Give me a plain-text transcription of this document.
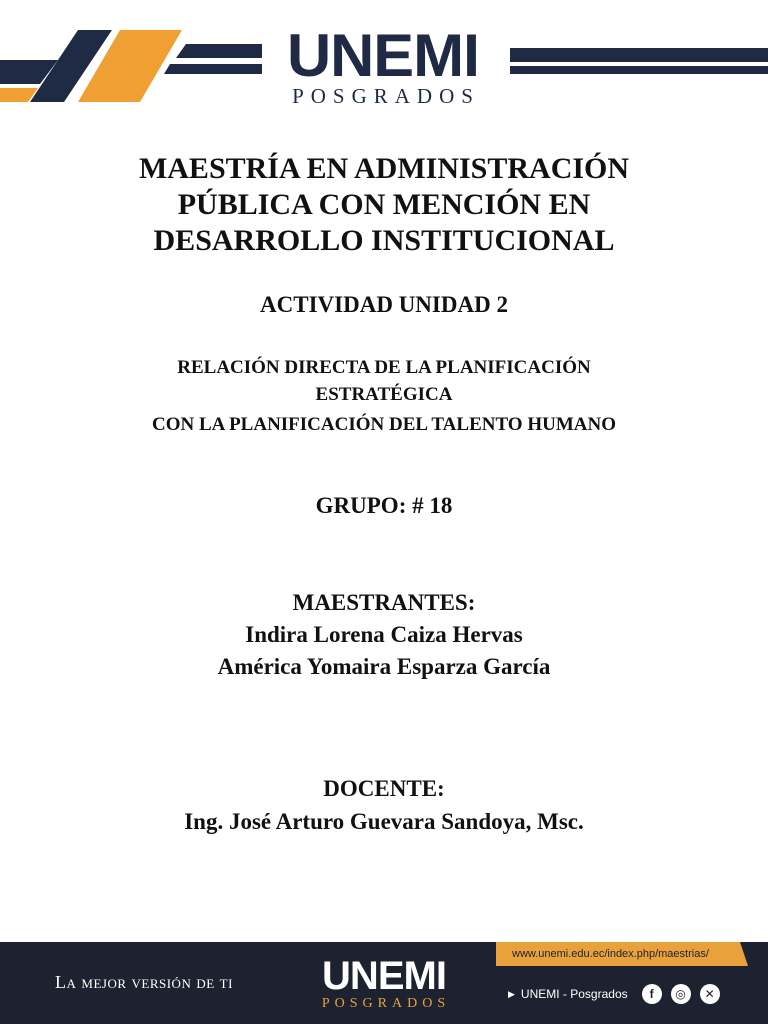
UNEMI
POSGRADOS
MAESTRÍA EN ADMINISTRACIÓN
PÚBLICA CON MENCIÓN EN
DESARROLLO INSTITUCIONAL
ACTIVIDAD UNIDAD 2
RELACIÓN DIRECTA DE LA PLANIFICACIÓN
ESTRATÉGICA
CON LA PLANIFICACIÓN DEL TALENTO HUMANO
GRUPO: # 18
MAESTRANTES:
Indira Lorena Caiza Hervas
América Yomaira Esparza García
DOCENTE:
Ing. José Arturo Guevara Sandoya, Msc.
www.unemi.edu.ec/index.php/maestrias/
La mejor versión de ti UNEMI
POSGRADOS
▶ UNEMI - Posgrados	f	◎	✕
